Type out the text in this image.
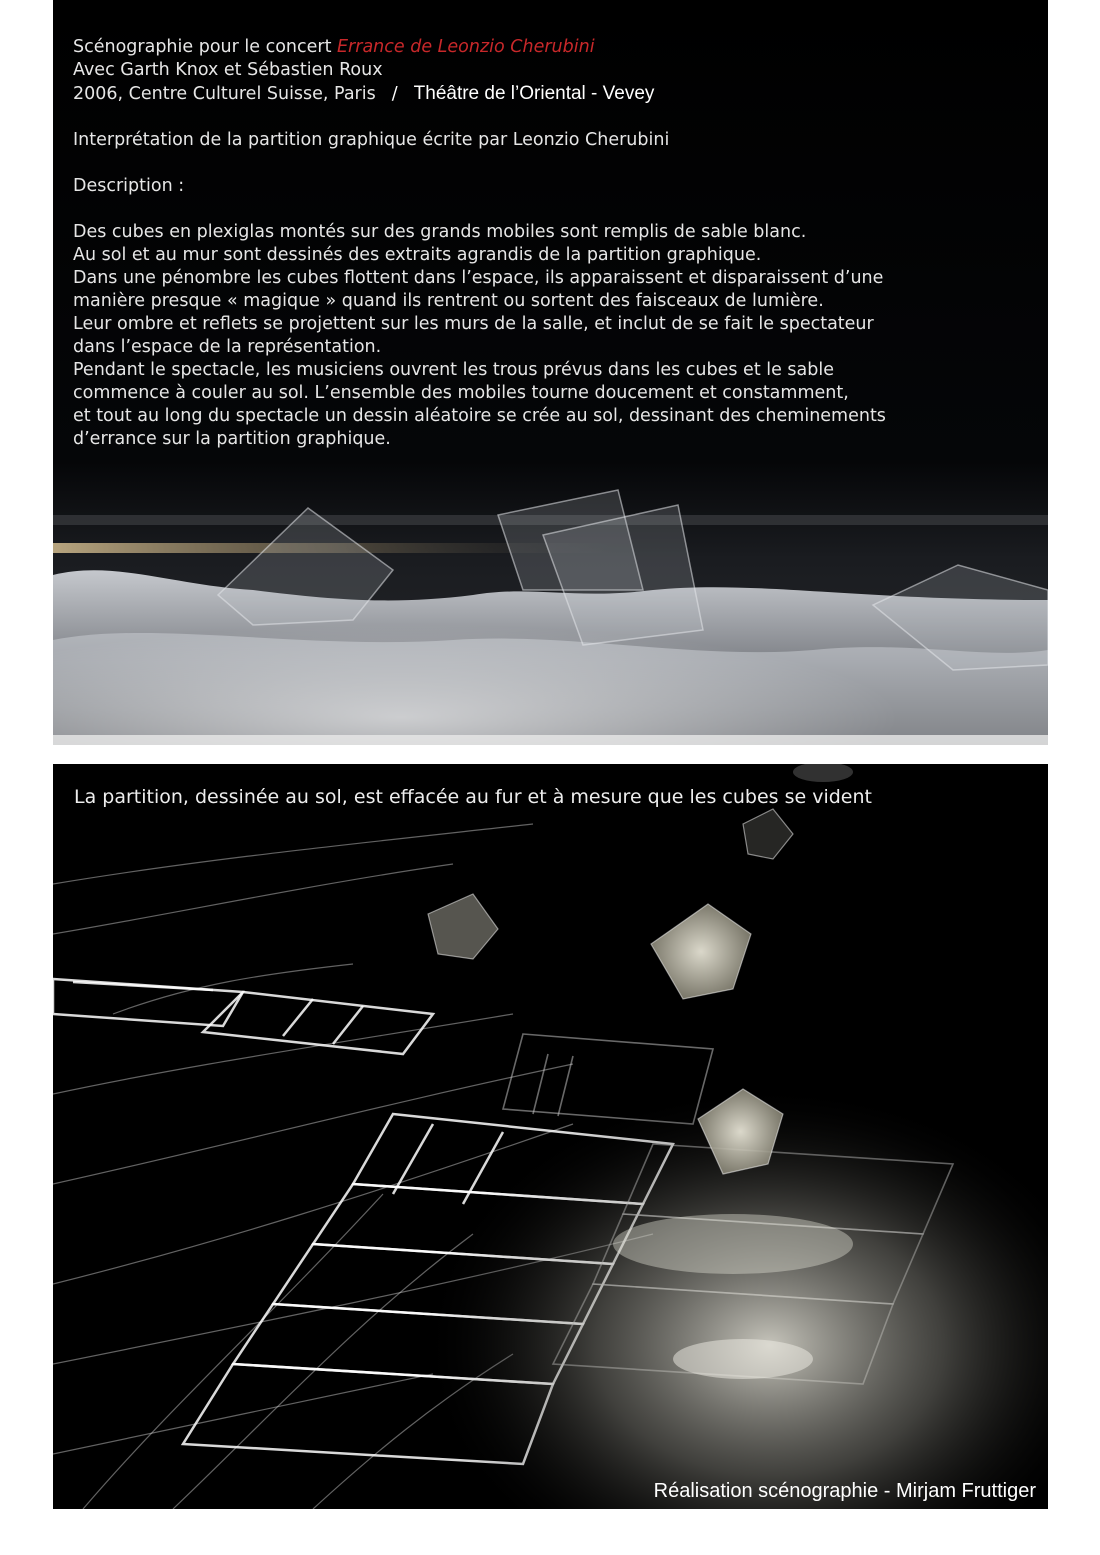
Scénographie pour le concert Errance de Leonzio Cherubini
Avec Garth Knox et Sébastien Roux
2006, Centre Culturel Suisse, Paris / Théâtre de l’Oriental - Vevey
Interprétation de la partition graphique écrite par Leonzio Cherubini
Description :
Des cubes en plexiglas montés sur des grands mobiles sont remplis de sable blanc.
Au sol et au mur sont dessinés des extraits agrandis de la partition graphique.
Dans une pénombre les cubes flottent dans l’espace, ils apparaissent et disparaissent d’une
manière presque « magique » quand ils rentrent ou sortent des faisceaux de lumière.
Leur ombre et reflets se projettent sur les murs de la salle, et inclut de se fait le spectateur
dans l’espace de la représentation.
Pendant le spectacle, les musiciens ouvrent les trous prévus dans les cubes et le sable
commence à couler au sol. L’ensemble des mobiles tourne doucement et constamment,
et tout au long du spectacle un dessin aléatoire se crée au sol, dessinant des cheminements
d’errance sur la partition graphique.
La partition, dessinée au sol, est effacée au fur et à mesure que les cubes se vident
Réalisation scénographie - Mirjam Fruttiger
